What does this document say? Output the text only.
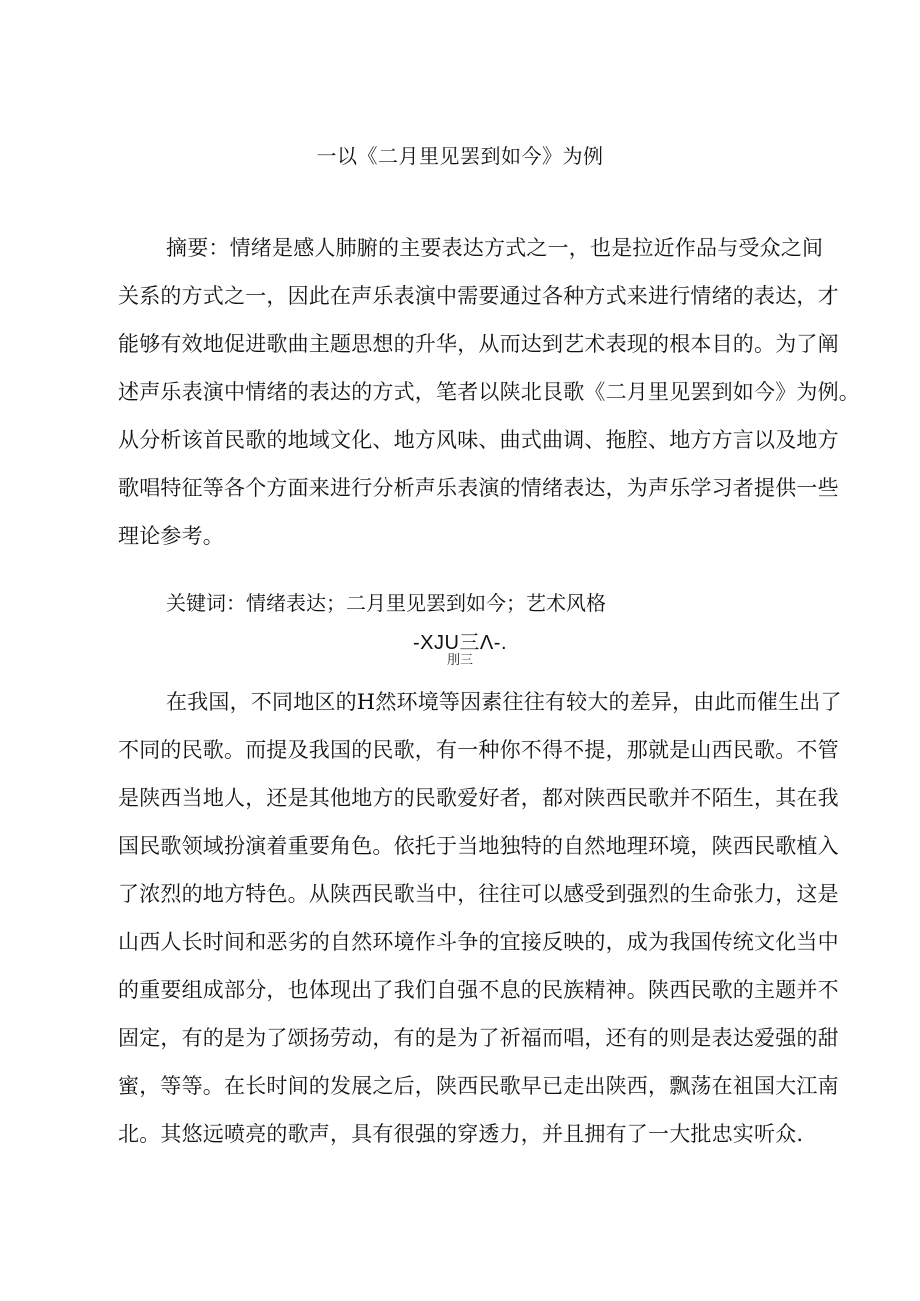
一以《二月里见罢到如今》为例
摘要：情绪是感人肺腑的主要表达方式之一，也是拉近作品与受众之间
关系的方式之一，因此在声乐表演中需要通过各种方式来进行情绪的表达，才
能够有效地促进歌曲主题思想的升华，从而达到艺术表现的根本目的。为了阐
述声乐表演中情绪的表达的方式，笔者以陕北艮歌《二月里见罢到如今》为例。
从分析该首民歌的地域文化、地方风味、曲式曲调、拖腔、地方方言以及地方
歌唱特征等各个方面来进行分析声乐表演的情绪表达，为声乐学习者提供一些
理论参考。
关键词：情绪表达；二月里见罢到如今；艺术风格
-XJU三Λ-.
刖三
在我国，不同地区的H然环境等因素往往有较大的差异，由此而催生出了
不同的民歌。而提及我国的民歌，有一种你不得不提，那就是山西民歌。不管
是陕西当地人，还是其他地方的民歌爱好者，都对陕西民歌并不陌生，其在我
国民歌领域扮演着重要角色。依托于当地独特的自然地理环境，陕西民歌植入
了浓烈的地方特色。从陕西民歌当中，往往可以感受到强烈的生命张力，这是
山西人长时间和恶劣的自然环境作斗争的宜接反映的，成为我国传统文化当中
的重要组成部分，也体现出了我们自强不息的民族精神。陕西民歌的主题并不
固定，有的是为了颂扬劳动，有的是为了祈福而唱，还有的则是表达爱强的甜
蜜，等等。在长时间的发展之后，陕西民歌早已走出陕西，飘荡在祖国大江南
北。其悠远喷亮的歌声，具有很强的穿透力，并且拥有了一大批忠实听众.
